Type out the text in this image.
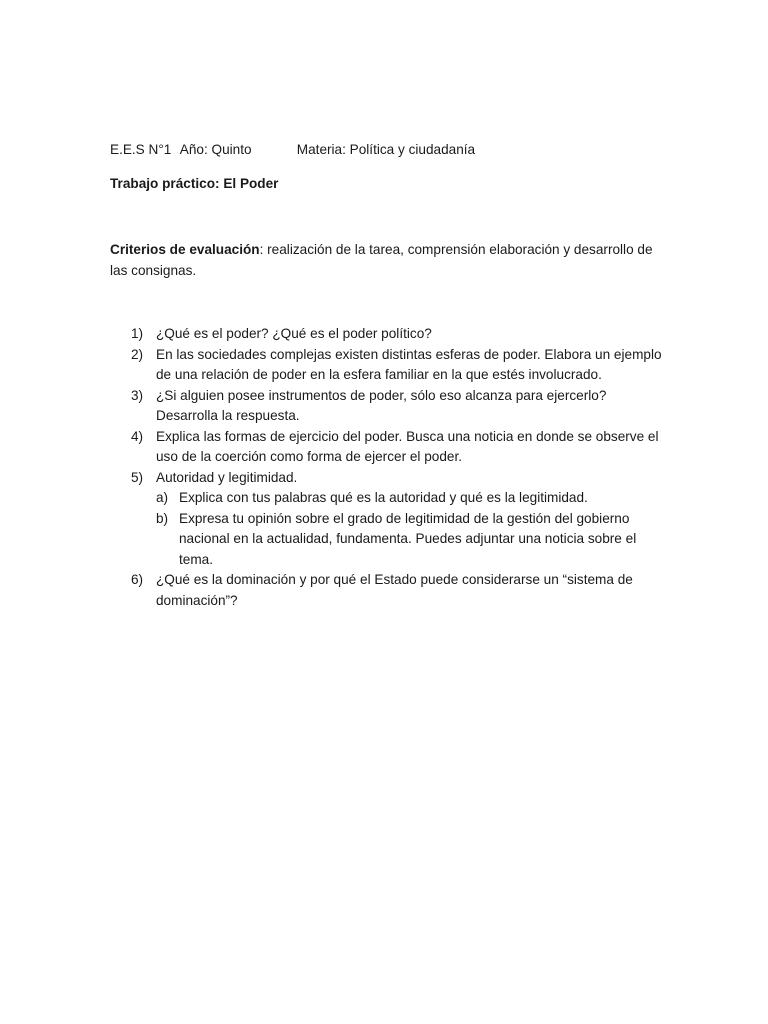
E.E.S N°1 Año: Quinto	Materia: Política y ciudadanía
Trabajo práctico: El Poder
Criterios de evaluación: realización de la tarea, comprensión elaboración y desarrollo de las consignas.
1) ¿Qué es el poder? ¿Qué es el poder político?
2) En las sociedades complejas existen distintas esferas de poder. Elabora un ejemplo de una relación de poder en la esfera familiar en la que estés involucrado.
3) ¿Si alguien posee instrumentos de poder, sólo eso alcanza para ejercerlo? Desarrolla la respuesta.
4) Explica las formas de ejercicio del poder. Busca una noticia en donde se observe el uso de la coerción como forma de ejercer el poder.
5) Autoridad y legitimidad.
a) Explica con tus palabras qué es la autoridad y qué es la legitimidad.
b) Expresa tu opinión sobre el grado de legitimidad de la gestión del gobierno nacional en la actualidad, fundamenta. Puedes adjuntar una noticia sobre el tema.
6) ¿Qué es la dominación y por qué el Estado puede considerarse un “sistema de dominación”?
